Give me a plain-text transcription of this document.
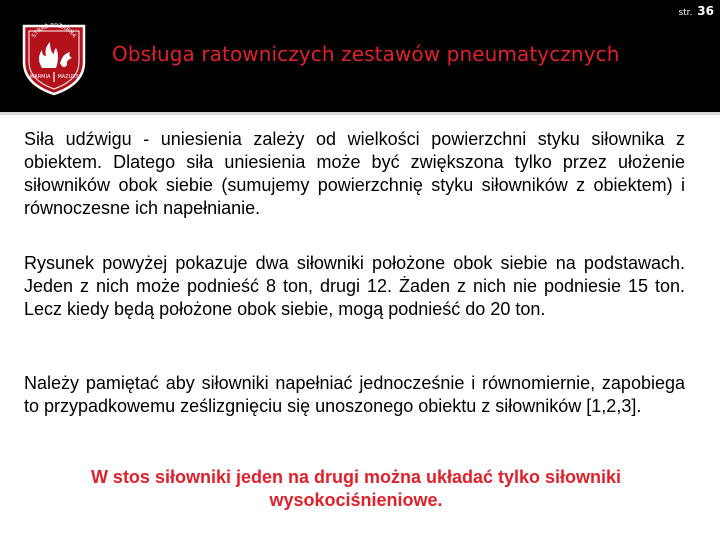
str. 36
STRAŻ POŻARNA
WARMIA MAZURY
Obsługa ratowniczych zestawów pneumatycznych

Siła udźwigu - uniesienia zależy od wielkości powierzchni styku siłownika z obiektem. Dlatego siła uniesienia może być zwiększona tylko przez ułożenie siłowników obok siebie (sumujemy powierzchnię styku siłowników z obiektem) i równoczesne ich napełnianie.

Rysunek powyżej pokazuje dwa siłowniki położone obok siebie na podstawach. Jeden z nich może podnieść 8 ton, drugi 12. Żaden z nich nie podniesie 15 ton. Lecz kiedy będą położone obok siebie, mogą podnieść do 20 ton.

Należy pamiętać aby siłowniki napełniać jednocześnie i równomiernie, zapobiega to przypadkowemu ześlizgnięciu się unoszonego obiektu z siłowników [1,2,3].

W stos siłowniki jeden na drugi można układać tylko siłowniki wysokociśnieniowe.
